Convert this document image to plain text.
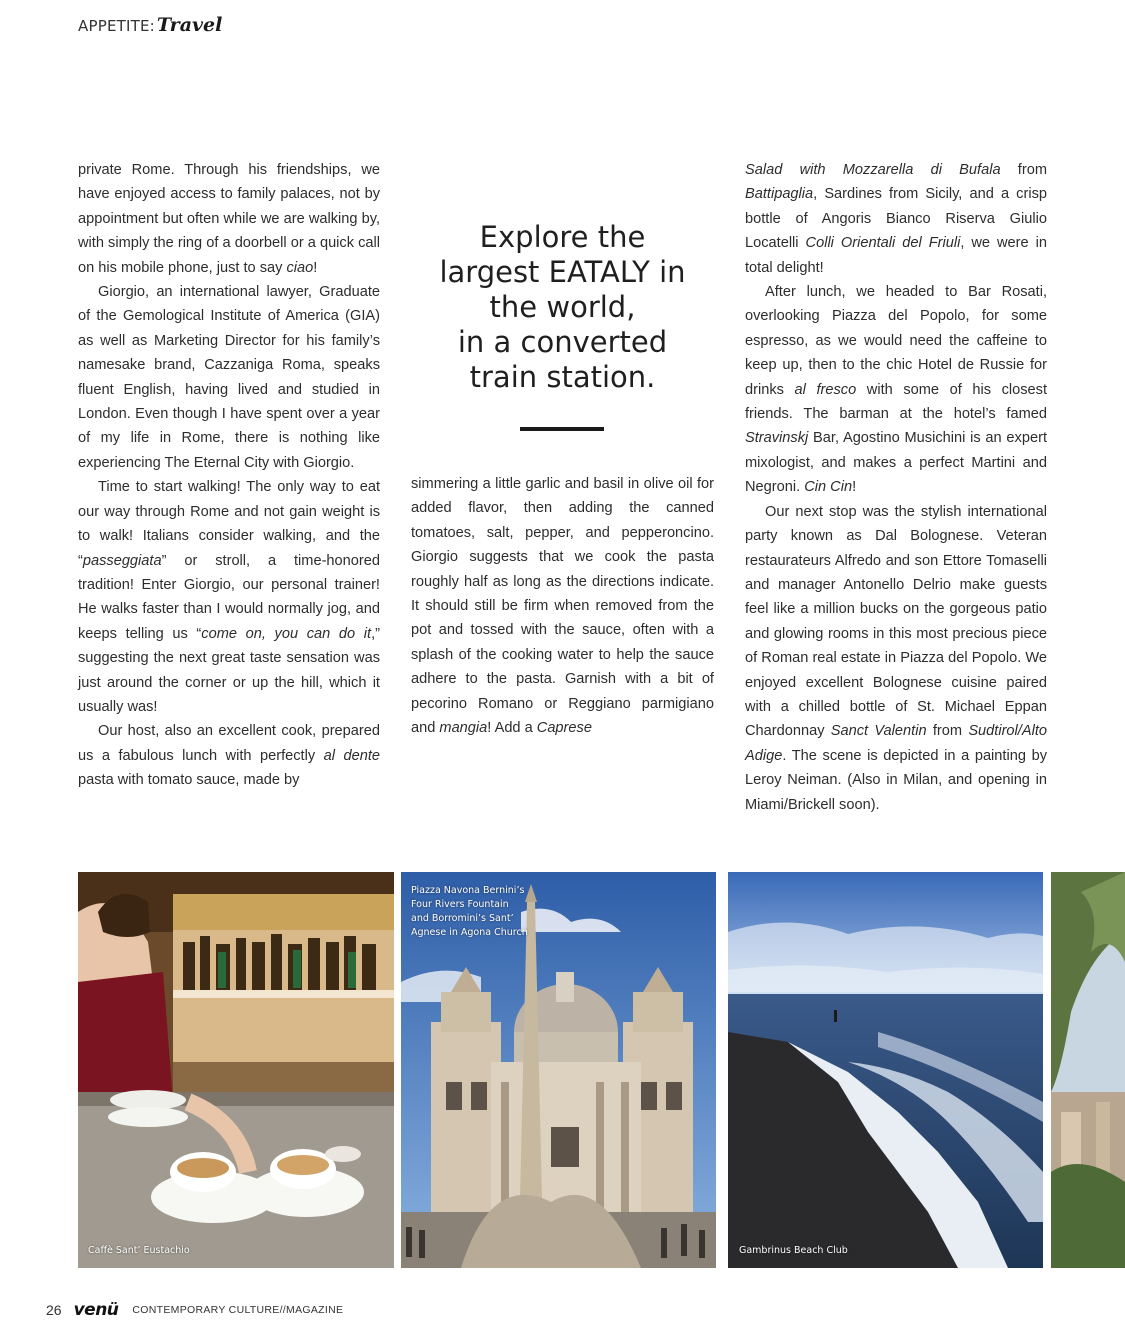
APPETITE: Travel

private Rome. Through his friendships, we have enjoyed access to family palaces, not by appointment but often while we are walking by, with simply the ring of a doorbell or a quick call on his mobile phone, just to say ciao!

Giorgio, an international lawyer, Graduate of the Gemological Institute of America (GIA) as well as Marketing Director for his family’s namesake brand, Cazzaniga Roma, speaks fluent English, having lived and studied in London. Even though I have spent over a year of my life in Rome, there is nothing like experiencing The Eternal City with Giorgio.

Time to start walking! The only way to eat our way through Rome and not gain weight is to walk! Italians consider walking, and the “passeggiata” or stroll, a time-honored tradition! Enter Giorgio, our personal trainer! He walks faster than I would normally jog, and keeps telling us “come on, you can do it,” suggesting the next great taste sensation was just around the corner or up the hill, which it usually was!

Our host, also an excellent cook, prepared us a fabulous lunch with perfectly al dente pasta with tomato sauce, made by

Explore the
largest EATALY in
the world,
in a converted
train station.

simmering a little garlic and basil in olive oil for added flavor, then adding the canned tomatoes, salt, pepper, and pepperoncino. Giorgio suggests that we cook the pasta roughly half as long as the directions indicate. It should still be firm when removed from the pot and tossed with the sauce, often with a splash of the cooking water to help the sauce adhere to the pasta. Garnish with a bit of pecorino Romano or Reggiano parmigiano and mangia! Add a Caprese

Salad with Mozzarella di Bufala from Battipaglia, Sardines from Sicily, and a crisp bottle of Angoris Bianco Riserva Giulio Locatelli Colli Orientali del Friuli, we were in total delight!

After lunch, we headed to Bar Rosati, overlooking Piazza del Popolo, for some espresso, as we would need the caffeine to keep up, then to the chic Hotel de Russie for drinks al fresco with some of his closest friends. The barman at the hotel’s famed Stravinskj Bar, Agostino Musichini is an expert mixologist, and makes a perfect Martini and Negroni. Cin Cin!

Our next stop was the stylish international party known as Dal Bolognese. Veteran restaurateurs Alfredo and son Ettore Tomaselli and manager Antonello Delrio make guests feel like a million bucks on the gorgeous patio and glowing rooms in this most precious piece of Roman real estate in Piazza del Popolo. We enjoyed excellent Bolognese cuisine paired with a chilled bottle of St. Michael Eppan Chardonnay Sanct Valentin from Sudtirol/Alto Adige. The scene is depicted in a painting by Leroy Neiman. (Also in Milan, and opening in Miami/Brickell soon).

Caffè Sant’ Eustachio
Piazza Navona Bernini’s
Four Rivers Fountain
and Borromini’s Sant’
Agnese in Agona Church
Gambrinus Beach Club
26 venü CONTEMPORARY CULTURE//MAGAZINE
